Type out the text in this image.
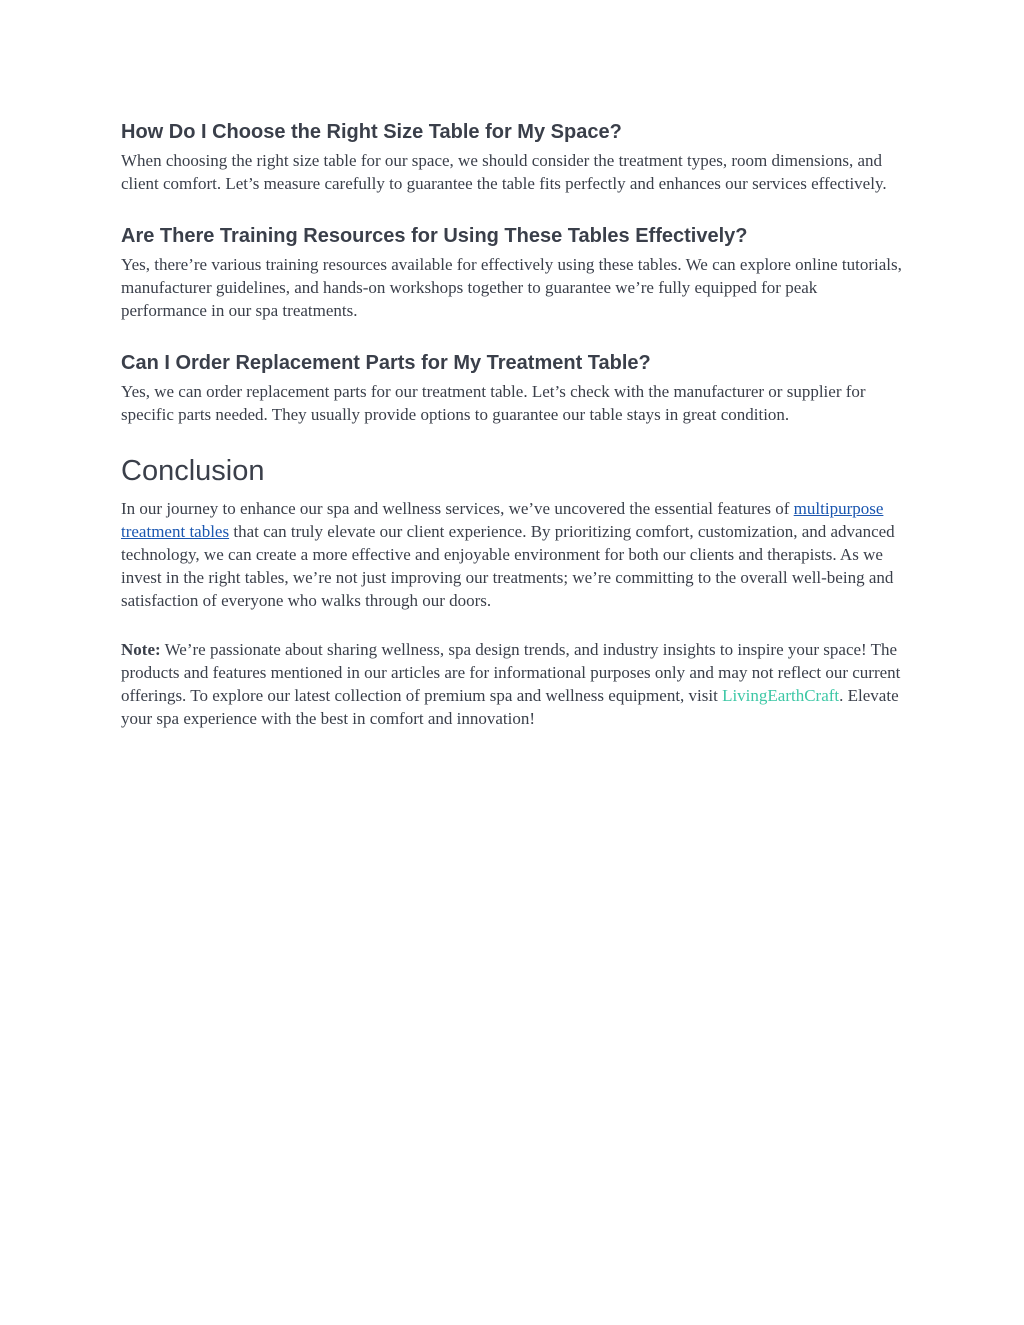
How Do I Choose the Right Size Table for My Space?

When choosing the right size table for our space, we should consider the treatment types, room dimensions, and client comfort. Let’s measure carefully to guarantee the table fits perfectly and enhances our services effectively.

Are There Training Resources for Using These Tables Effectively?

Yes, there’re various training resources available for effectively using these tables. We can explore online tutorials, manufacturer guidelines, and hands-on workshops together to guarantee we’re fully equipped for peak performance in our spa treatments.

Can I Order Replacement Parts for My Treatment Table?

Yes, we can order replacement parts for our treatment table. Let’s check with the manufacturer or supplier for specific parts needed. They usually provide options to guarantee our table stays in great condition.

Conclusion

In our journey to enhance our spa and wellness services, we’ve uncovered the essential features of multipurpose treatment tables that can truly elevate our client experience. By prioritizing comfort, customization, and advanced technology, we can create a more effective and enjoyable environment for both our clients and therapists. As we invest in the right tables, we’re not just improving our treatments; we’re committing to the overall well-being and satisfaction of everyone who walks through our doors.

Note: We’re passionate about sharing wellness, spa design trends, and industry insights to inspire your space! The products and features mentioned in our articles are for informational purposes only and may not reflect our current offerings. To explore our latest collection of premium spa and wellness equipment, visit LivingEarthCraft. Elevate your spa experience with the best in comfort and innovation!
